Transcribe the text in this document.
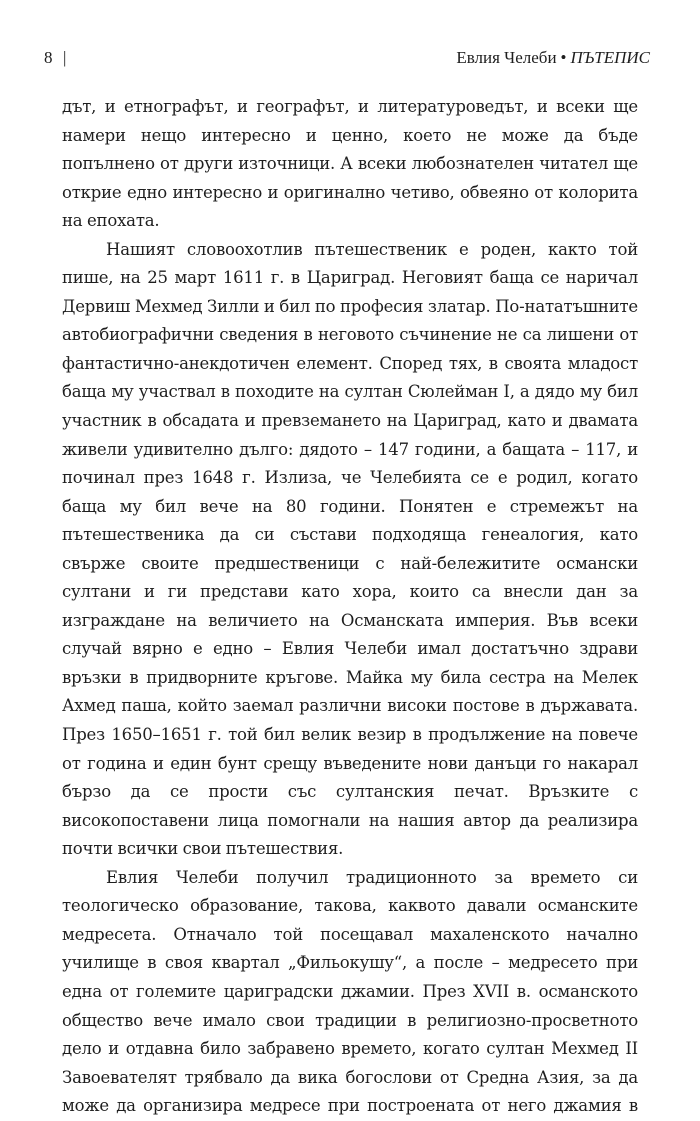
8 |	Евлия Челеби • ПЪТЕПИС

дът, и етнографът, и географът, и литературоведът, и всеки ще намери нещо интересно и ценно, което не може да бъде попълнено от други източници. А всеки любознателен читател ще открие едно интересно и оригинално четиво, обвеяно от колорита на епохата.

Нашият словоохотлив пътешественик е роден, както той пише, на 25 март 1611 г. в Цариград. Неговият баща се наричал Дервиш Мехмед Зилли и бил по професия златар. По-нататъшните автобиографични сведения в неговото съчинение не са лишени от фантастично-анекдотичен елемент. Според тях, в своята младост баща му участвал в походите на султан Сюлейман I, а дядо му бил участник в обсадата и превземането на Цариград, като и двамата живели удивително дълго: дядото – 147 години, а бащата – 117, и починал през 1648 г. Излиза, че Челебията се е родил, когато баща му бил вече на 80 години. Понятен е стремежът на пътешественика да си състави подходяща генеалогия, като свърже своите предшественици с най-бележитите османски султани и ги представи като хора, които са внесли дан за изграждане на величието на Османската империя. Във всеки случай вярно е едно – Евлия Челеби имал достатъчно здрави връзки в придворните кръгове. Майка му била сестра на Мелек Ахмед паша, който заемал различни високи постове в държавата. През 1650–1651 г. той бил велик везир в продължение на повече от година и един бунт срещу въведените нови данъци го накарал бързо да се прости със султанския печат. Връзките с високопоставени лица помогнали на нашия автор да реализира почти всички свои пътешествия.

Евлия Челеби получил традиционното за времето си теологическо образование, такова, каквото давали османските медресета. Отначало той посещавал махаленското начално училище в своя квартал „Фильокушу“, а после – медресето при една от големите цариградски джамии. През XVII в. османското общество вече имало свои традиции в религиозно-просветното дело и отдавна било забравено времето, когато султан Мехмед II Завоевателят трябвало да вика богослови от Средна Азия, за да може да организира медресе при построената от него джамия в
